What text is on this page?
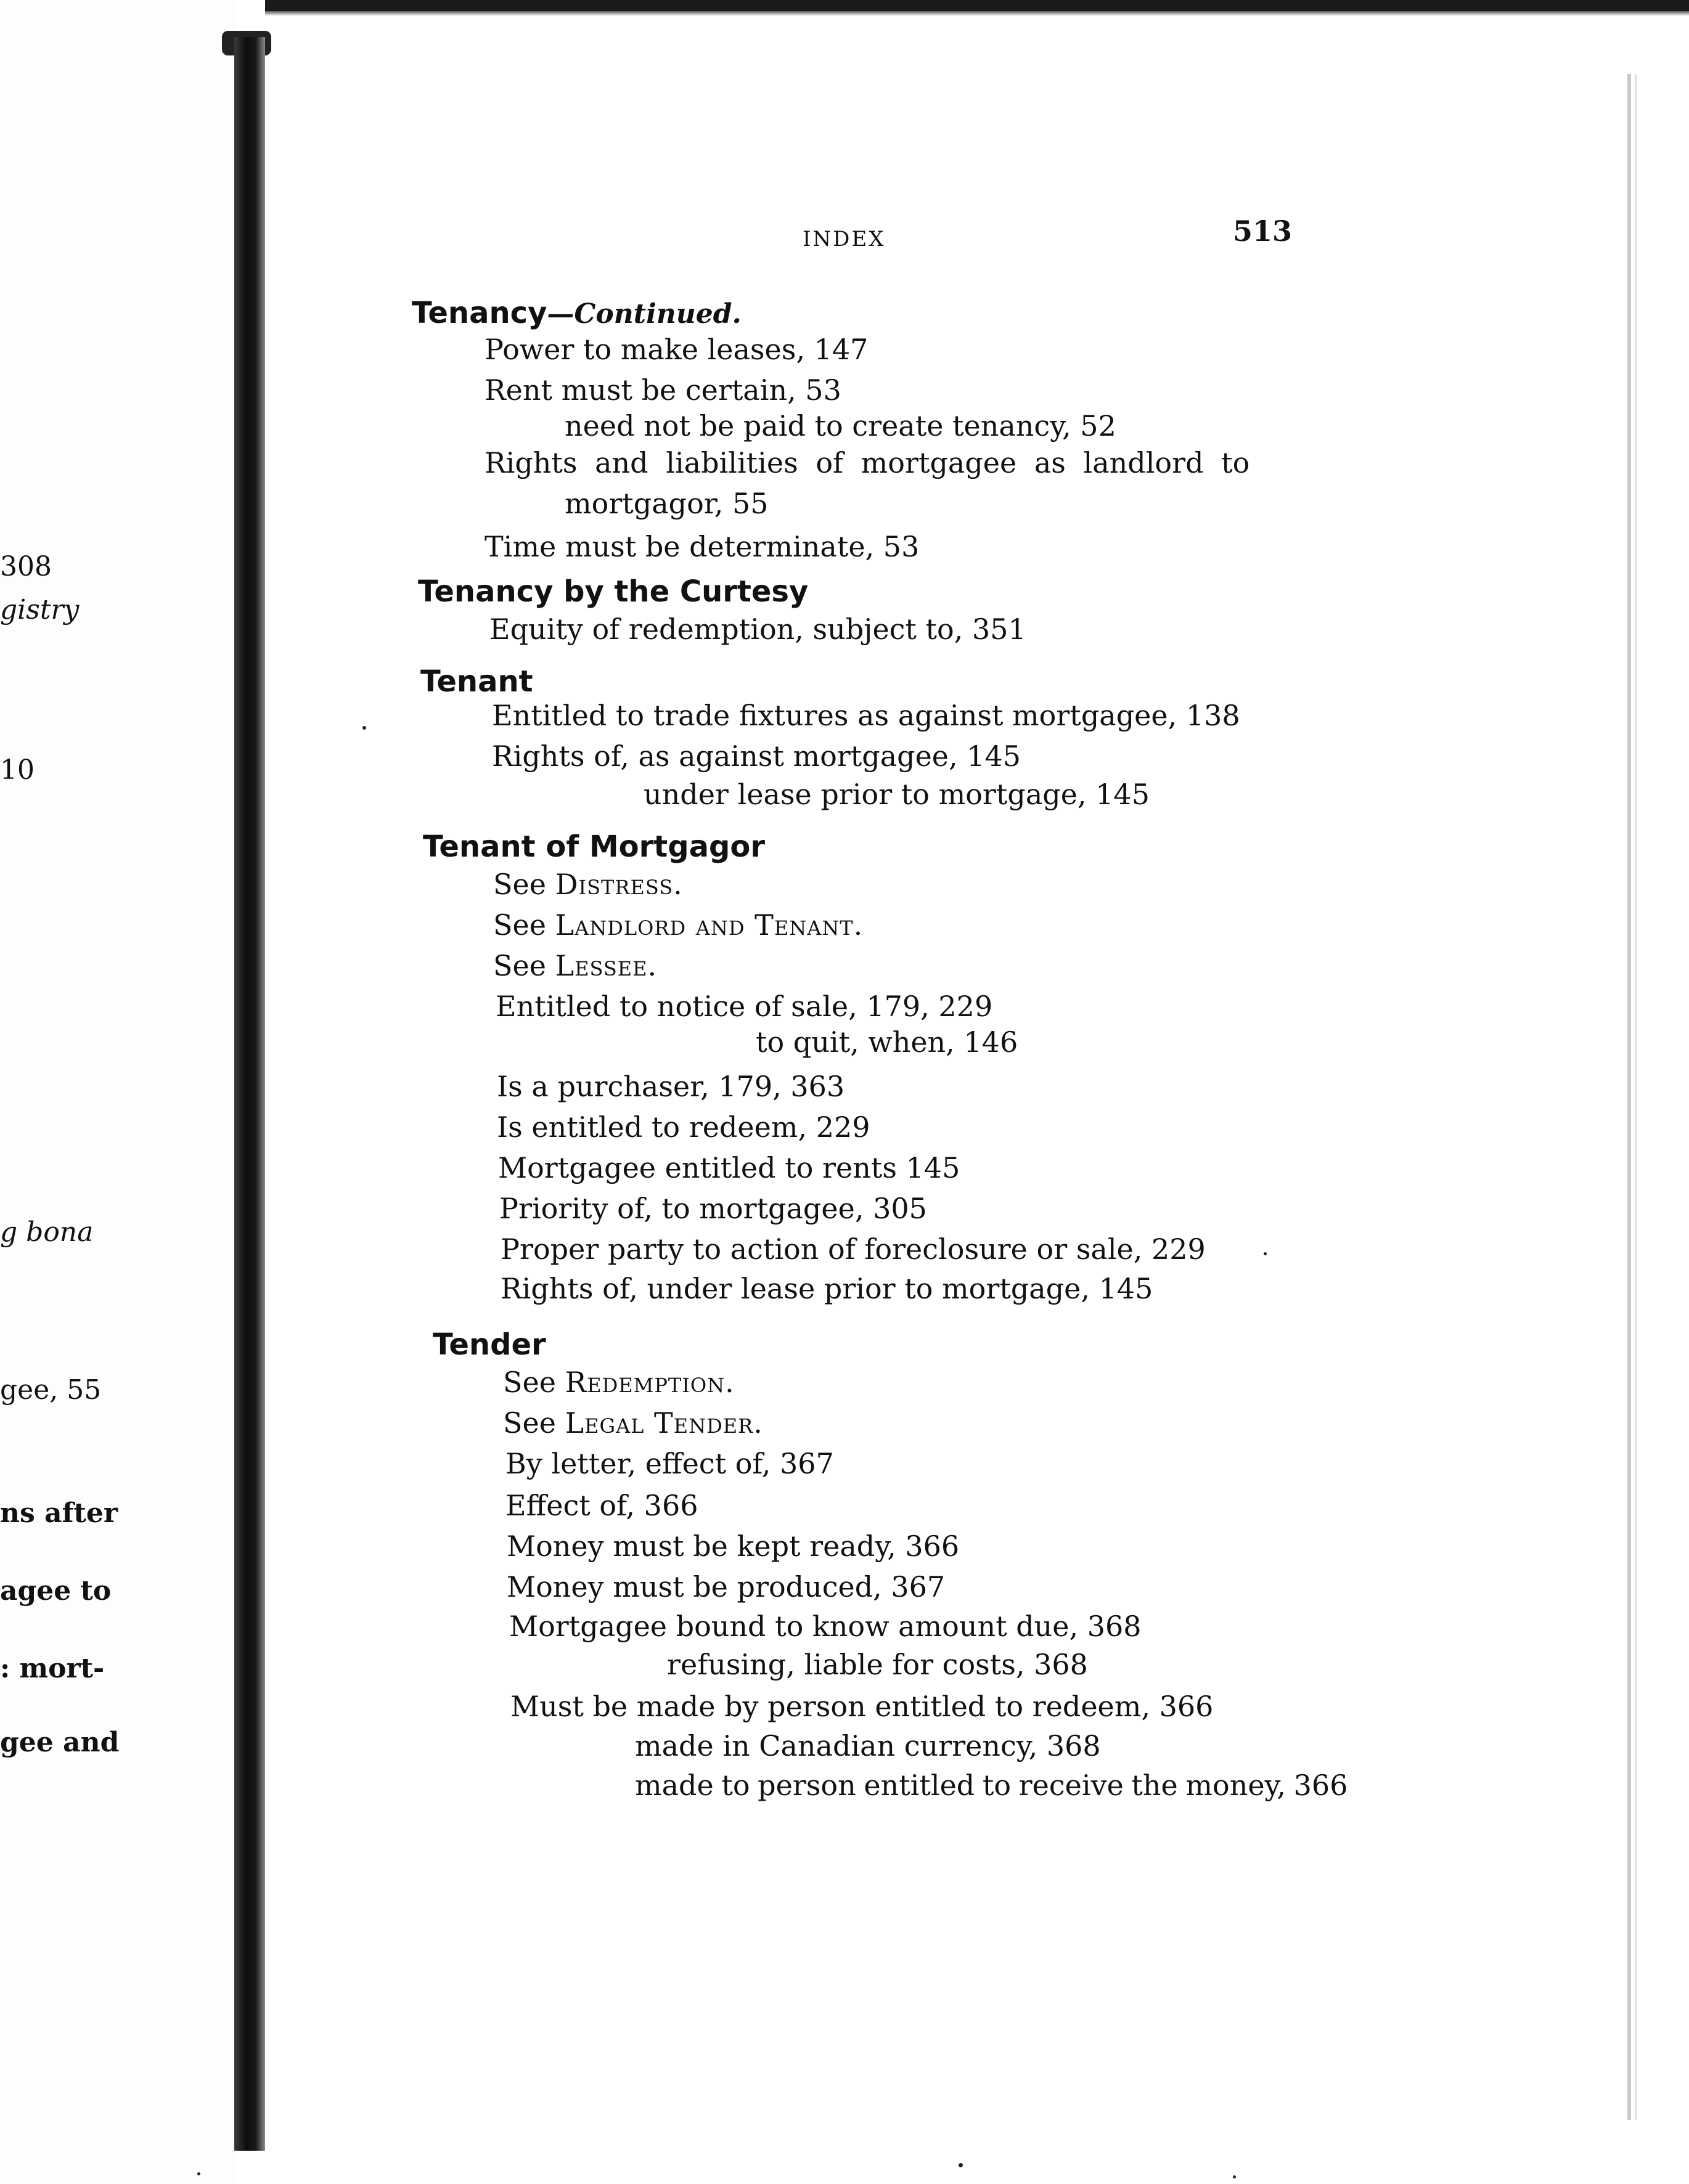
308
gistry
10
g bona
gee, 55
ns after
agee to
: mort-
gee and
INDEX	513
Tenancy—Continued.
Power to make leases, 147
Rent must be certain, 53
need not be paid to create tenancy, 52
Rights and liabilities of mortgagee as landlord to
mortgagor, 55
Time must be determinate, 53
Tenancy by the Curtesy
Equity of redemption, subject to, 351
Tenant
Entitled to trade fixtures as against mortgagee, 138
Rights of, as against mortgagee, 145
under lease prior to mortgage, 145
Tenant of Mortgagor
See Distress.
See Landlord and Tenant.
See Lessee.
Entitled to notice of sale, 179, 229
to quit, when, 146
Is a purchaser, 179, 363
Is entitled to redeem, 229
Mortgagee entitled to rents 145
Priority of, to mortgagee, 305
Proper party to action of foreclosure or sale, 229
Rights of, under lease prior to mortgage, 145
Tender
See Redemption.
See Legal Tender.
By letter, effect of, 367
Effect of, 366
Money must be kept ready, 366
Money must be produced, 367
Mortgagee bound to know amount due, 368
refusing, liable for costs, 368
Must be made by person entitled to redeem, 366
made in Canadian currency, 368
made to person entitled to receive the money, 366
